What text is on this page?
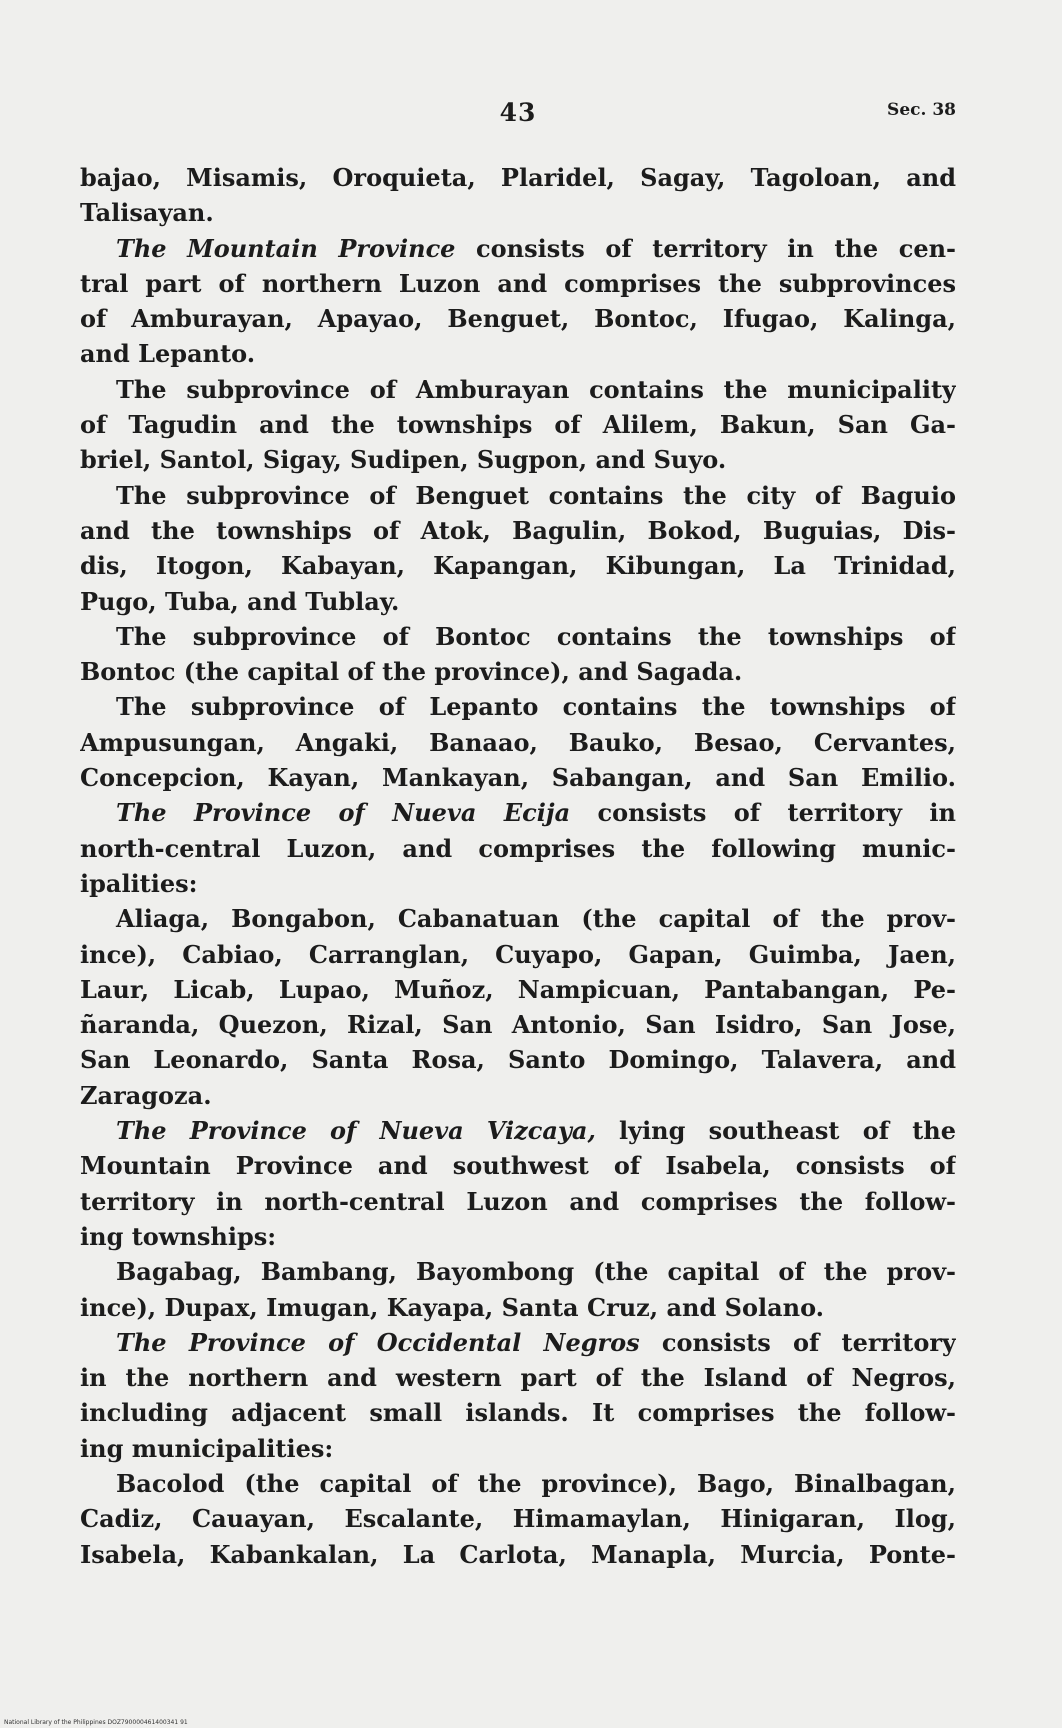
43	Sec. 38
bajao, Misamis, Oroquieta, Plaridel, Sagay, Tagoloan, and
Talisayan.
The Mountain Province consists of territory in the cen-
tral part of northern Luzon and comprises the subprovinces
of Amburayan, Apayao, Benguet, Bontoc, Ifugao, Kalinga,
and Lepanto.
The subprovince of Amburayan contains the municipality
of Tagudin and the townships of Alilem, Bakun, San Ga-
briel, Santol, Sigay, Sudipen, Sugpon, and Suyo.
The subprovince of Benguet contains the city of Baguio
and the townships of Atok, Bagulin, Bokod, Buguias, Dis-
dis, Itogon, Kabayan, Kapangan, Kibungan, La Trinidad,
Pugo, Tuba, and Tublay.
The subprovince of Bontoc contains the townships of
Bontoc (the capital of the province), and Sagada.
The subprovince of Lepanto contains the townships of
Ampusungan, Angaki, Banaao, Bauko, Besao, Cervantes,
Concepcion, Kayan, Mankayan, Sabangan, and San Emilio.
The Province of Nueva Ecija consists of territory in
north-central Luzon, and comprises the following munic-
ipalities:
Aliaga, Bongabon, Cabanatuan (the capital of the prov-
ince), Cabiao, Carranglan, Cuyapo, Gapan, Guimba, Jaen,
Laur, Licab, Lupao, Muñoz, Nampicuan, Pantabangan, Pe-
ñaranda, Quezon, Rizal, San Antonio, San Isidro, San Jose,
San Leonardo, Santa Rosa, Santo Domingo, Talavera, and
Zaragoza.
The Province of Nueva Vizcaya, lying southeast of the
Mountain Province and southwest of Isabela, consists of
territory in north-central Luzon and comprises the follow-
ing townships:
Bagabag, Bambang, Bayombong (the capital of the prov-
ince), Dupax, Imugan, Kayapa, Santa Cruz, and Solano.
The Province of Occidental Negros consists of territory
in the northern and western part of the Island of Negros,
including adjacent small islands. It comprises the follow-
ing municipalities:
Bacolod (the capital of the province), Bago, Binalbagan,
Cadiz, Cauayan, Escalante, Himamaylan, Hinigaran, Ilog,
Isabela, Kabankalan, La Carlota, Manapla, Murcia, Ponte-
National Library of the Philippines DOZ790000461400341 91
